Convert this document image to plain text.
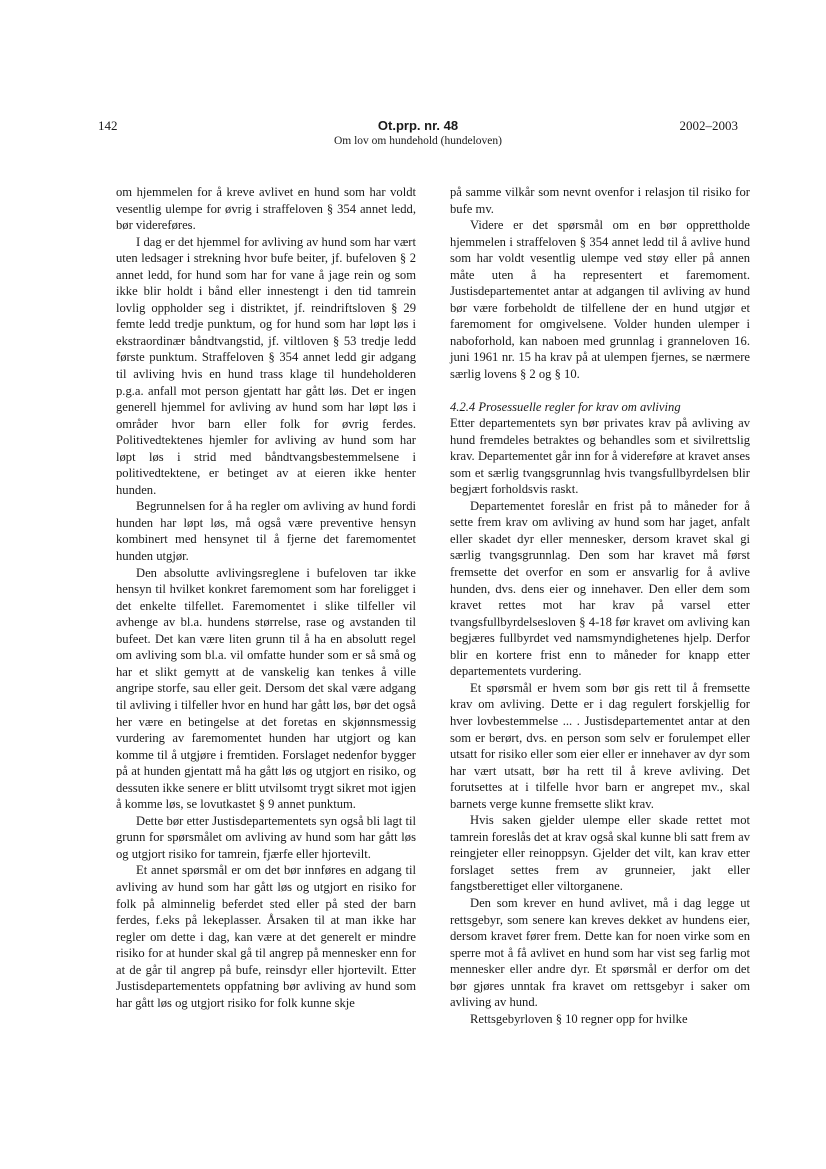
142	Ot.prp. nr. 48
Om lov om hundehold (hundeloven)
2002–2003

om hjemmelen for å kreve avlivet en hund som har voldt vesentlig ulempe for øvrig i straffeloven § 354 annet ledd, bør videreføres.

I dag er det hjemmel for avliving av hund som har vært uten ledsager i strekning hvor bufe beiter, jf. bufeloven § 2 annet ledd, for hund som har for vane å jage rein og som ikke blir holdt i bånd eller innestengt i den tid tamrein lovlig oppholder seg i distriktet, jf. reindriftsloven § 29 femte ledd tredje punktum, og for hund som har løpt løs i ekstraordinær båndtvangstid, jf. viltloven § 53 tredje ledd første punktum. Straffeloven § 354 annet ledd gir adgang til avliving hvis en hund trass klage til hundeholderen p.g.a. anfall mot person gjentatt har gått løs. Det er ingen generell hjemmel for avliving av hund som har løpt løs i områder hvor barn eller folk for øvrig ferdes. Politivedtektenes hjemler for avliving av hund som har løpt løs i strid med båndtvangsbestemmelsene i politivedtektene, er betinget av at eieren ikke henter hunden.

Begrunnelsen for å ha regler om avliving av hund fordi hunden har løpt løs, må også være preventive hensyn kombinert med hensynet til å fjerne det faremomentet hunden utgjør.

Den absolutte avlivingsreglene i bufeloven tar ikke hensyn til hvilket konkret faremoment som har foreligget i det enkelte tilfellet. Faremomentet i slike tilfeller vil avhenge av bl.a. hundens størrelse, rase og avstanden til bufeet. Det kan være liten grunn til å ha en absolutt regel om avliving som bl.a. vil omfatte hunder som er så små og har et slikt gemytt at de vanskelig kan tenkes å ville angripe storfe, sau eller geit. Dersom det skal være adgang til avliving i tilfeller hvor en hund har gått løs, bør det også her være en betingelse at det foretas en skjønnsmessig vurdering av faremomentet hunden har utgjort og kan komme til å utgjøre i fremtiden. Forslaget nedenfor bygger på at hunden gjentatt må ha gått løs og utgjort en risiko, og dessuten ikke senere er blitt utvilsomt trygt sikret mot igjen å komme løs, se lovutkastet § 9 annet punktum.

Dette bør etter Justisdepartementets syn også bli lagt til grunn for spørsmålet om avliving av hund som har gått løs og utgjort risiko for tamrein, fjærfe eller hjortevilt.

Et annet spørsmål er om det bør innføres en adgang til avliving av hund som har gått løs og utgjort en risiko for folk på alminnelig beferdet sted eller på sted der barn ferdes, f.eks på lekeplasser. Årsaken til at man ikke har regler om dette i dag, kan være at det generelt er mindre risiko for at hunder skal gå til angrep på mennesker enn for at de går til angrep på bufe, reinsdyr eller hjortevilt. Etter Justisdepartementets oppfatning bør avliving av hund som har gått løs og utgjort risiko for folk kunne skje

på samme vilkår som nevnt ovenfor i relasjon til risiko for bufe mv.

Videre er det spørsmål om en bør opprettholde hjemmelen i straffeloven § 354 annet ledd til å avlive hund som har voldt vesentlig ulempe ved støy eller på annen måte uten å ha representert et faremoment. Justisdepartementet antar at adgangen til avliving av hund bør være forbeholdt de tilfellene der en hund utgjør et faremoment for omgivelsene. Volder hunden ulemper i naboforhold, kan naboen med grunnlag i granneloven 16. juni 1961 nr. 15 ha krav på at ulempen fjernes, se nærmere særlig lovens § 2 og § 10.

4.2.4 Prosessuelle regler for krav om avliving

Etter departementets syn bør privates krav på avliving av hund fremdeles betraktes og behandles som et sivilrettslig krav. Departementet går inn for å videreføre at kravet anses som et særlig tvangsgrunnlag hvis tvangsfullbyrdelsen blir begjært forholdsvis raskt.

Departementet foreslår en frist på to måneder for å sette frem krav om avliving av hund som har jaget, anfalt eller skadet dyr eller mennesker, dersom kravet skal gi særlig tvangsgrunnlag. Den som har kravet må først fremsette det overfor en som er ansvarlig for å avlive hunden, dvs. dens eier og innehaver. Den eller dem som kravet rettes mot har krav på varsel etter tvangsfullbyrdelsesloven § 4-18 før kravet om avliving kan begjæres fullbyrdet ved namsmyndighetenes hjelp. Derfor blir en kortere frist enn to måneder for knapp etter departementets vurdering.

Et spørsmål er hvem som bør gis rett til å fremsette krav om avliving. Dette er i dag regulert forskjellig for hver lovbestemmelse ... . Justisdepartementet antar at den som er berørt, dvs. en person som selv er forulempet eller utsatt for risiko eller som eier eller er innehaver av dyr som har vært utsatt, bør ha rett til å kreve avliving. Det forutsettes at i tilfelle hvor barn er angrepet mv., skal barnets verge kunne fremsette slikt krav.

Hvis saken gjelder ulempe eller skade rettet mot tamrein foreslås det at krav også skal kunne bli satt frem av reingjeter eller reinoppsyn. Gjelder det vilt, kan krav etter forslaget settes frem av grunneier, jakt eller fangstberettiget eller viltorganene.

Den som krever en hund avlivet, må i dag legge ut rettsgebyr, som senere kan kreves dekket av hundens eier, dersom kravet fører frem. Dette kan for noen virke som en sperre mot å få avlivet en hund som har vist seg farlig mot mennesker eller andre dyr. Et spørsmål er derfor om det bør gjøres unntak fra kravet om rettsgebyr i saker om avliving av hund.

Rettsgebyrloven § 10 regner opp for hvilke
